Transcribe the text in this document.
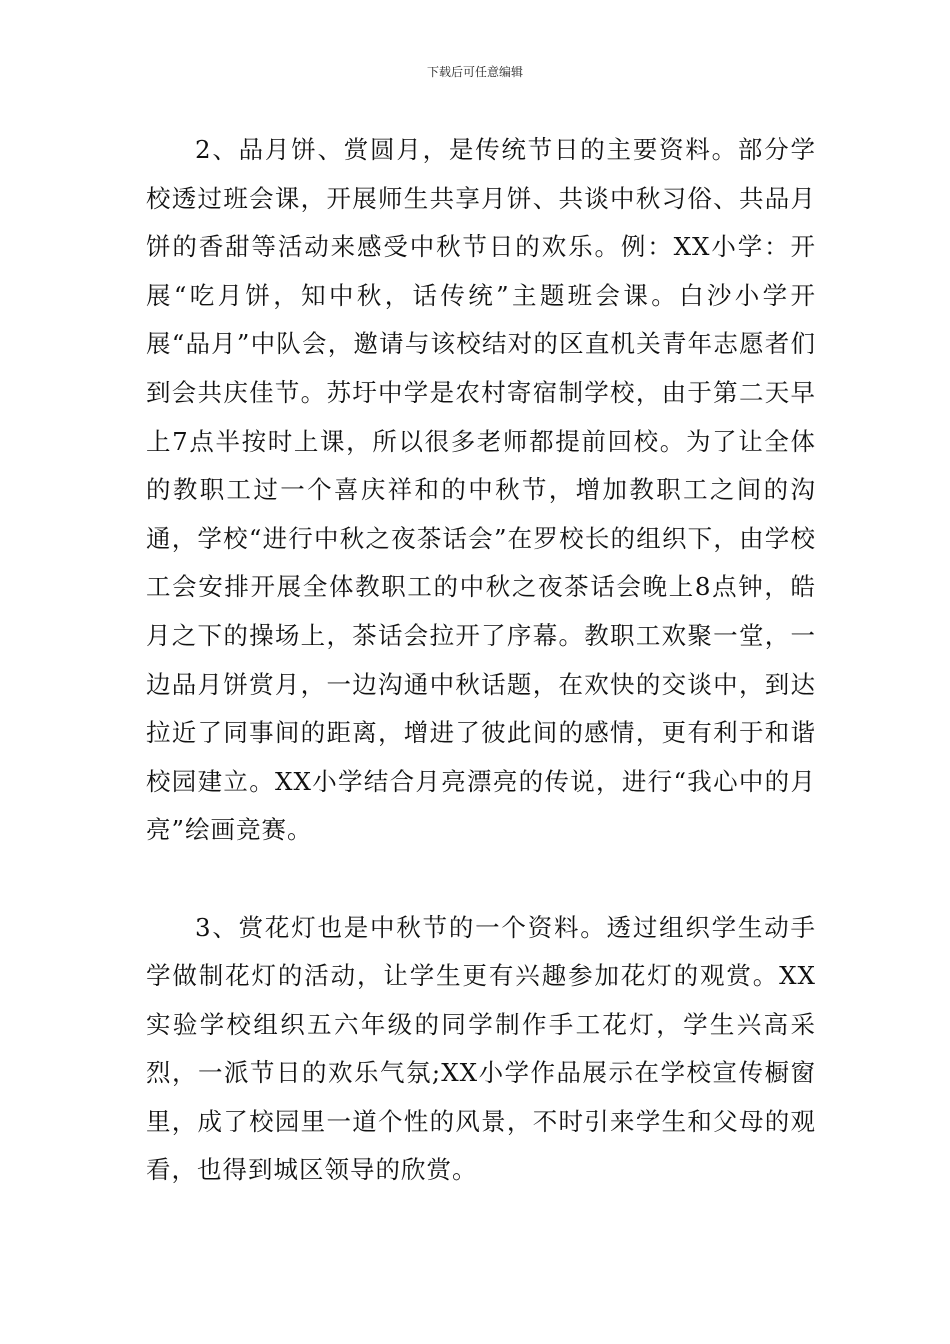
下载后可任意编辑

2、品月饼、赏圆月，是传统节日的主要资料。部分学校透过班会课，开展师生共享月饼、共谈中秋习俗、共品月饼的香甜等活动来感受中秋节日的欢乐。例：XX小学：开展“吃月饼，知中秋，话传统”主题班会课。白沙小学开展“品月”中队会，邀请与该校结对的区直机关青年志愿者们到会共庆佳节。苏圩中学是农村寄宿制学校，由于第二天早上7点半按时上课，所以很多老师都提前回校。为了让全体的教职工过一个喜庆祥和的中秋节，增加教职工之间的沟通，学校“进行中秋之夜茶话会”在罗校长的组织下，由学校工会安排开展全体教职工的中秋之夜茶话会晚上8点钟，皓月之下的操场上，茶话会拉开了序幕。教职工欢聚一堂，一边品月饼赏月，一边沟通中秋话题，在欢快的交谈中，到达拉近了同事间的距离，增进了彼此间的感情，更有利于和谐校园建立。XX小学结合月亮漂亮的传说，进行“我心中的月亮”绘画竞赛。

3、赏花灯也是中秋节的一个资料。透过组织学生动手学做制花灯的活动，让学生更有兴趣参加花灯的观赏。XX实验学校组织五六年级的同学制作手工花灯，学生兴高采烈，一派节日的欢乐气氛;XX小学作品展示在学校宣传橱窗里，成了校园里一道个性的风景，不时引来学生和父母的观看，也得到城区领导的欣赏。
